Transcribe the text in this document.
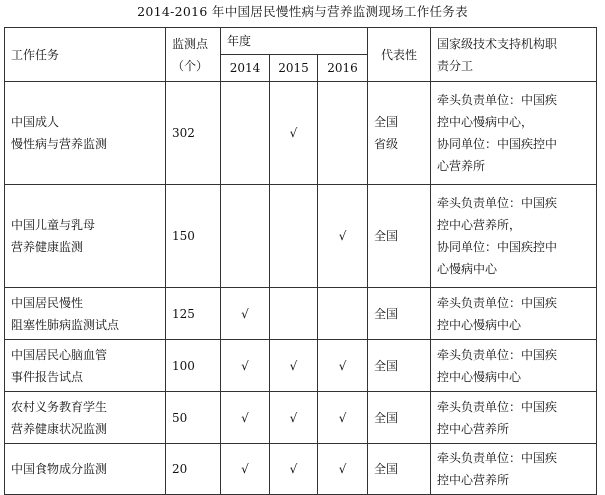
2014-2016 年中国居民慢性病与营养监测现场工作任务表
工作任务	监测点
（个）	年度			代表性	国家级技术支持机构职
责分工

		2014	2015	2016		

中国成人
慢性病与营养监测	302		√		全国
省级	牵头负责单位：中国疾
控中心慢病中心，
协同单位：中国疾控中
心营养所

中国儿童与乳母
营养健康监测	150			√	全国	牵头负责单位：中国疾
控中心营养所，
协同单位：中国疾控中
心慢病中心

中国居民慢性
阻塞性肺病监测试点	125	√			全国	牵头负责单位：中国疾
控中心慢病中心

中国居民心脑血管
事件报告试点	100	√	√	√	全国	牵头负责单位：中国疾
控中心慢病中心

农村义务教育学生
营养健康状况监测	50	√	√	√	全国	牵头负责单位：中国疾
控中心营养所

中国食物成分监测	20	√	√	√	全国	牵头负责单位：中国疾
控中心营养所
